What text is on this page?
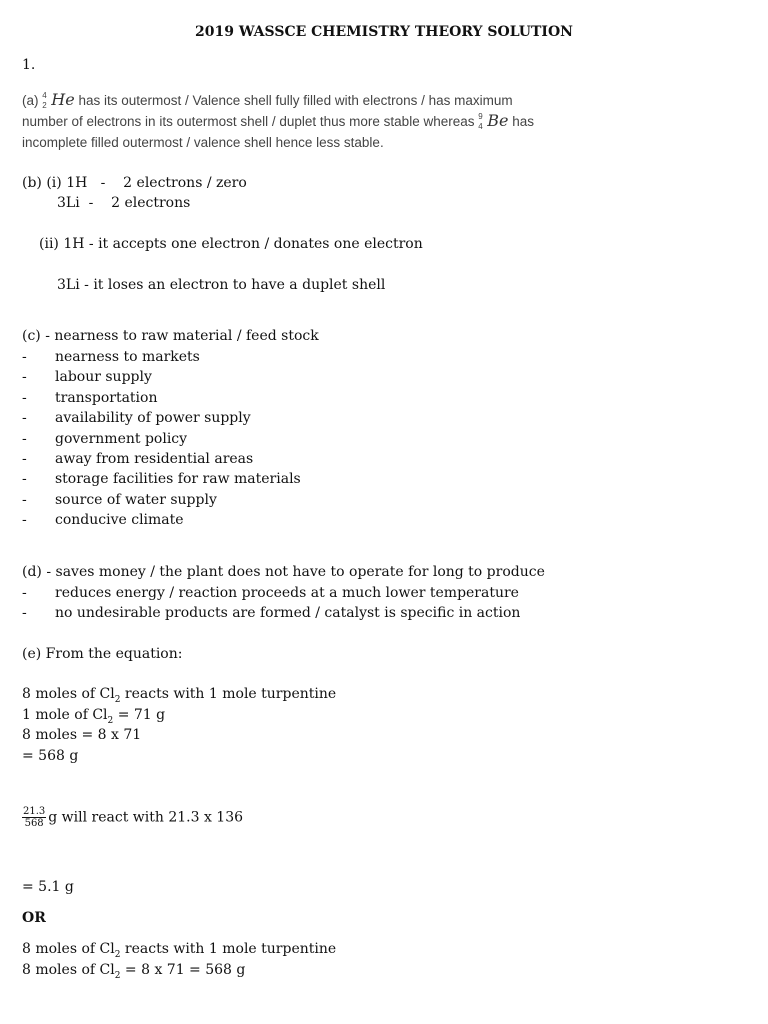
2019 WASSCE CHEMISTRY THEORY SOLUTION
1.
(a) 4
2 He has its outermost / Valence shell fully filled with electrons / has maximum
number of electrons in its outermost shell / duplet thus more stable whereas 9
4 Be has
incomplete filled outermost / valence shell hence less stable.
(b) (i) 1H   -    2 electrons / zero
3Li  -    2 electrons
(ii) 1H - it accepts one electron / donates one electron
3Li - it loses an electron to have a duplet shell
(c) - nearness to raw material / feed stock
- nearness to markets
- labour supply
- transportation
- availability of power supply
- government policy
- away from residential areas
- storage facilities for raw materials
- source of water supply
- conducive climate
(d) - saves money / the plant does not have to operate for long to produce
- reduces energy / reaction proceeds at a much lower temperature
- no undesirable products are formed / catalyst is specific in action
(e) From the equation:
8 moles of $Cl_2$ reacts with 1 mole turpentine
1 mole of $Cl_2 = 71$ g
8 moles = 8 x 71
= 568 g
$\frac{21.3}{568}$ g will react with 21.3 x 136
= 5.1 g
OR
8 moles of $Cl_2$ reacts with 1 mole turpentine
8 moles of $Cl_2 = 8$ x 71 = 568 g
